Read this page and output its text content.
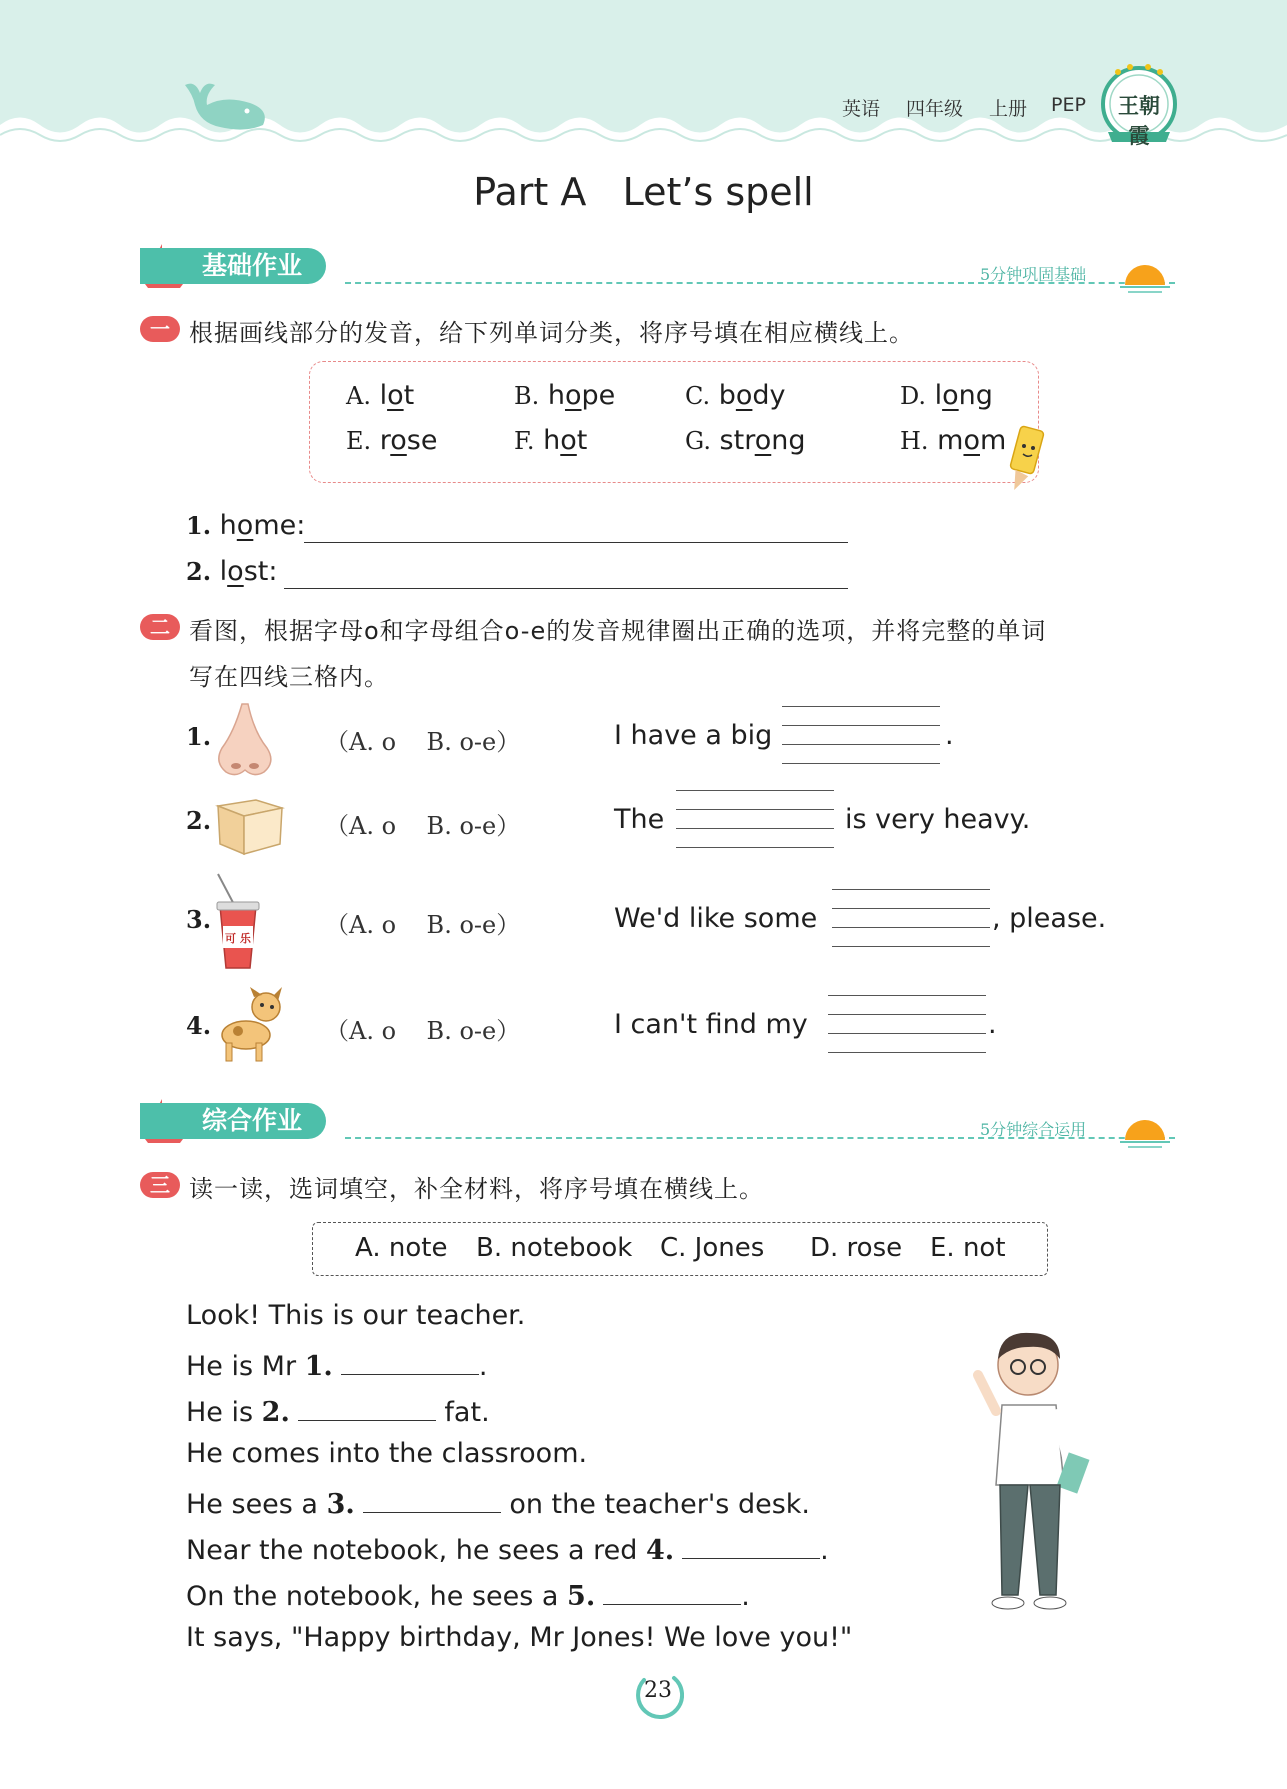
英语 四年级 上册 PEP	王朝霞
Part A   Let’s spell
基础作业	5分钟巩固基础
一 根据画线部分的发音，给下列单词分类，将序号填在相应横线上。
A. lot	B. hope	C. body	D. long
E. rose	F. hot	G. strong	H. mom
1. home:
2. lost:
二 看图，根据字母o和字母组合o-e的发音规律圈出正确的选项，并将完整的单词
写在四线三格内。
1.	（A. o    B. o-e）	I have a big	.
2.	（A. o    B. o-e）	The	is very heavy.
3.	（A. o    B. o-e）	We'd like some	, please.
4.	（A. o    B. o-e）	I can't find my	.
可 乐
综合作业	5分钟综合运用
三 读一读，选词填空，补全材料，将序号填在横线上。
A. note B. notebook C. Jones D. rose E. not
Look! This is our teacher.
He is Mr 1.	.
He is 2.	fat.
He comes into the classroom.
He sees a 3.	on the teacher's desk.
Near the notebook, he sees a red 4.	.
On the notebook, he sees a 5.	.
It says, "Happy birthday, Mr Jones! We love you!"
23
